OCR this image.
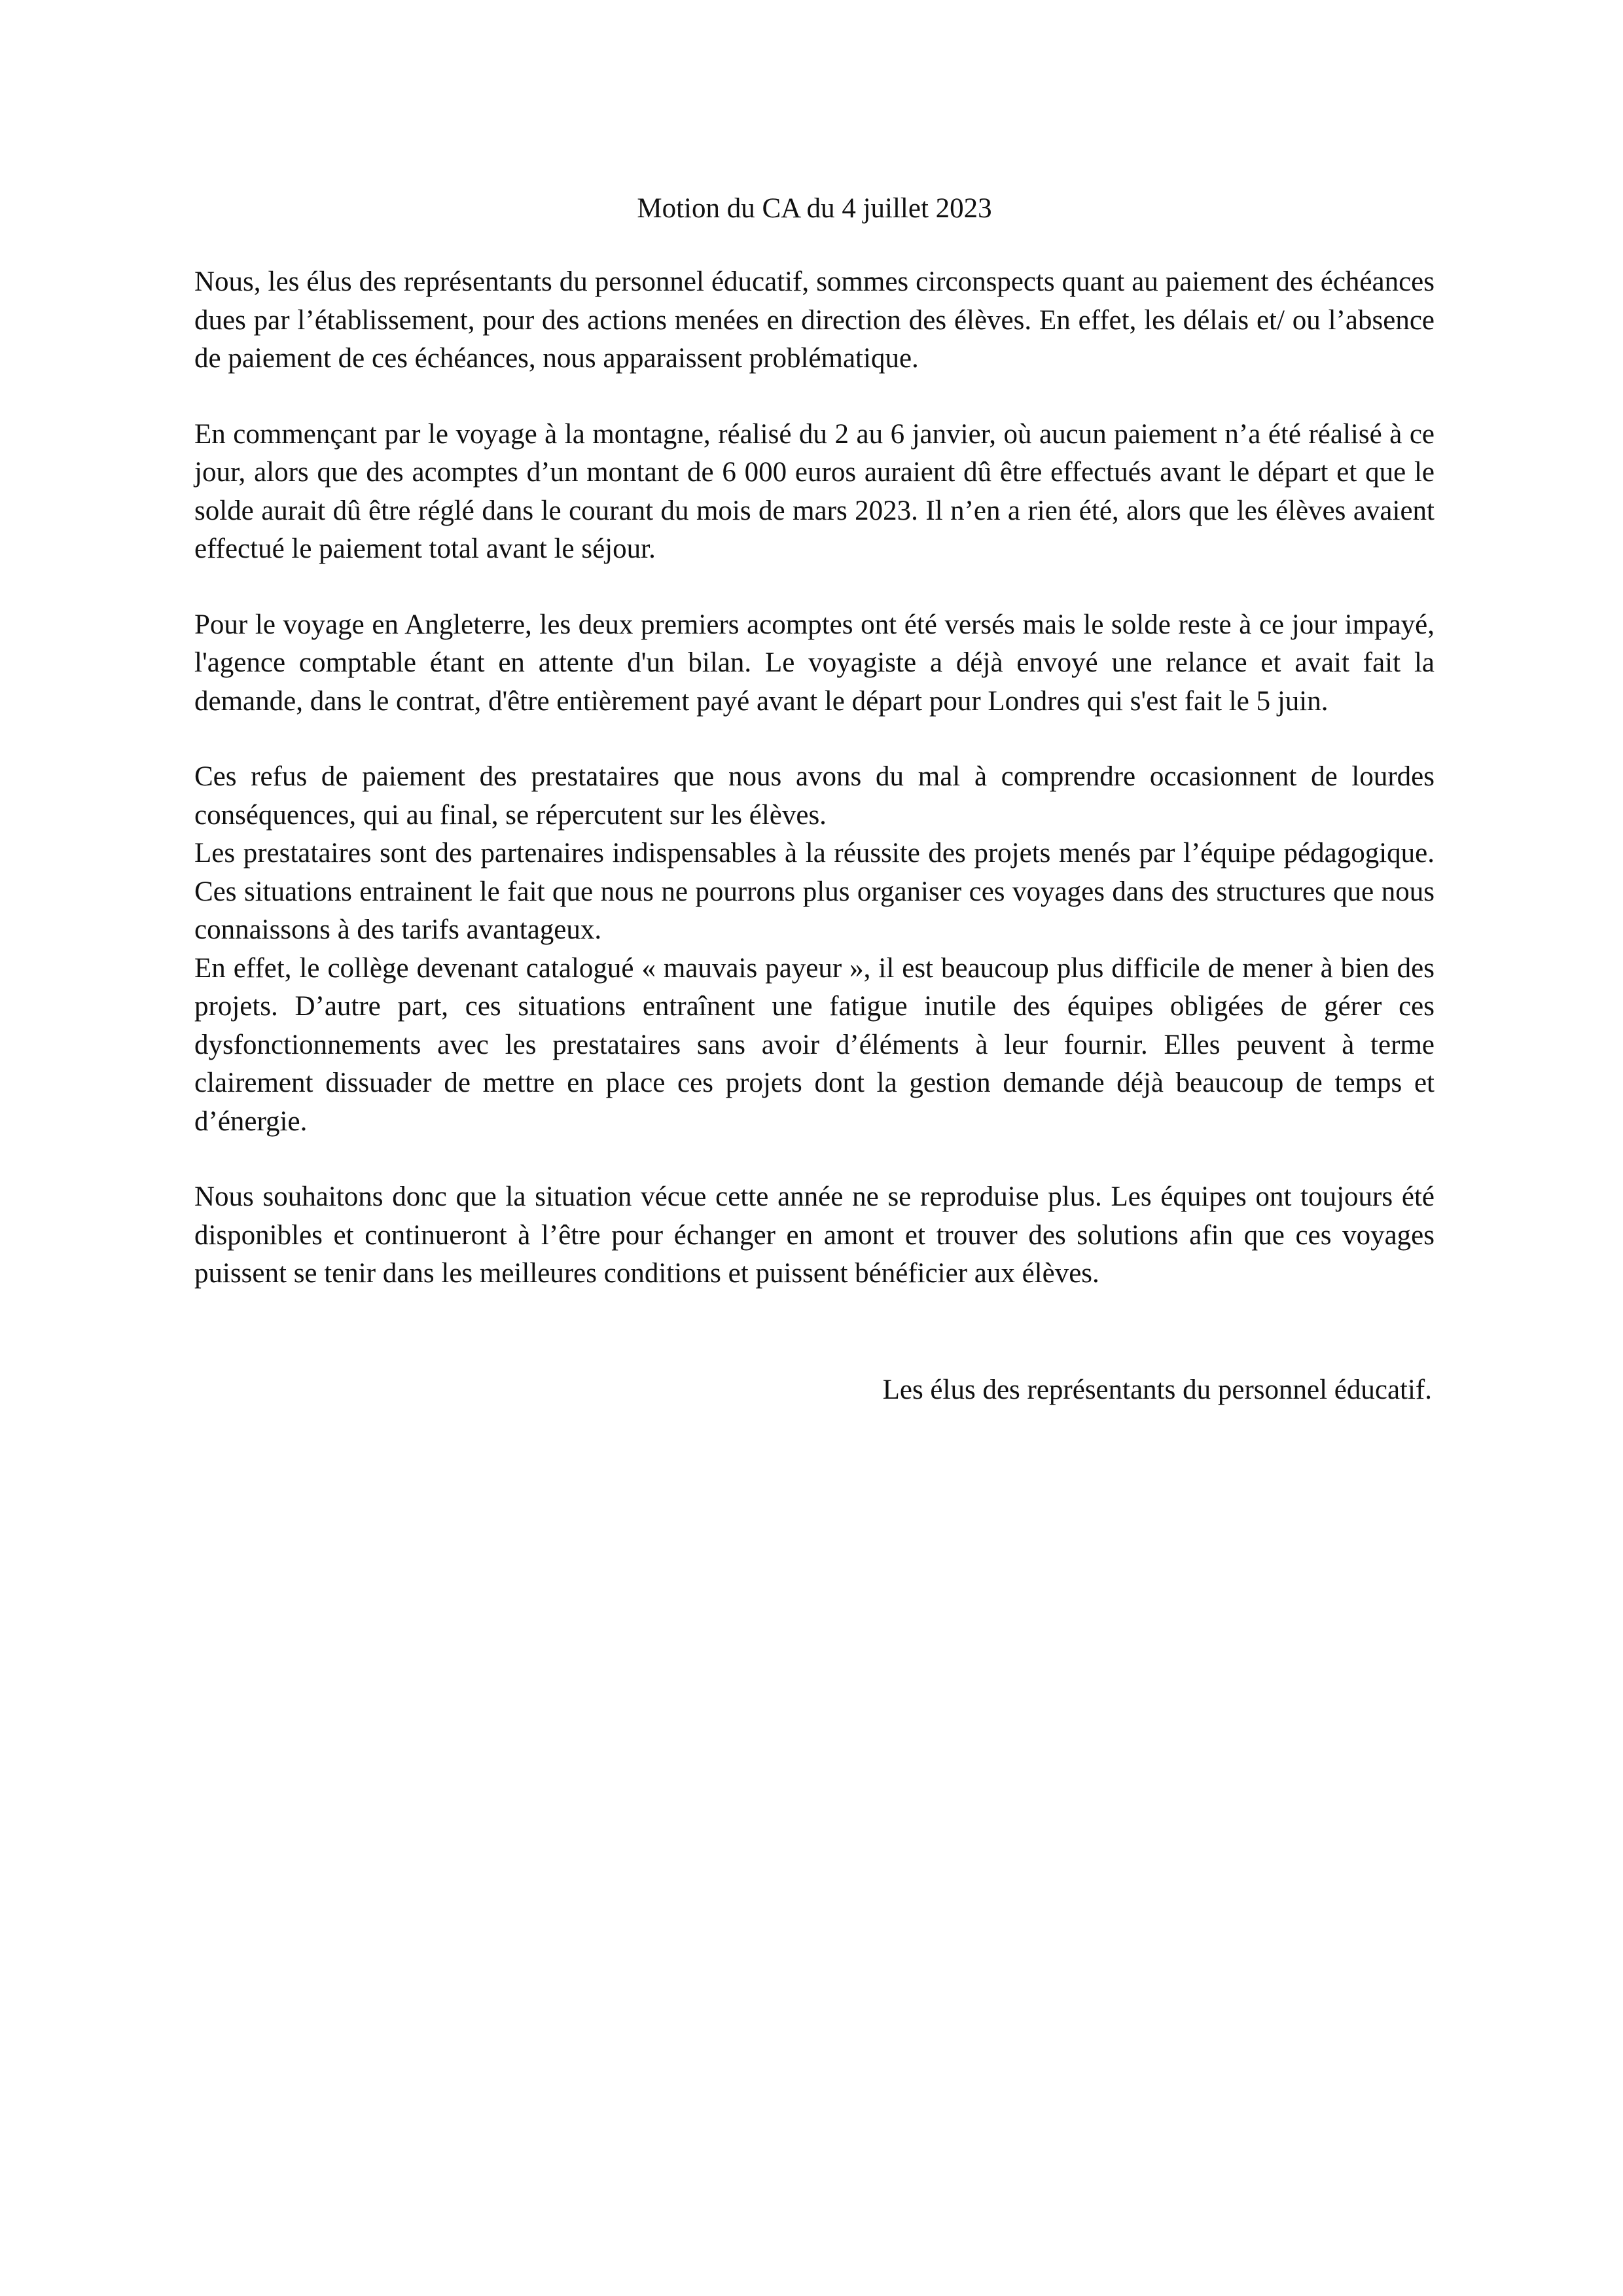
Motion du CA du 4 juillet 2023

Nous, les élus des représentants du personnel éducatif, sommes circonspects quant au paiement des échéances dues par l’établissement, pour des actions menées en direction des élèves. En effet, les délais et/ ou l’absence de paiement de ces échéances, nous apparaissent problématique.

En commençant par le voyage à la montagne, réalisé du 2 au 6 janvier, où aucun paiement n’a été réalisé à ce jour, alors que des acomptes d’un montant de 6 000 euros auraient dû être effectués avant le départ et que le solde aurait dû être réglé dans le courant du mois de mars 2023. Il n’en a rien été, alors que les élèves avaient effectué le paiement total avant le séjour.

Pour le voyage en Angleterre, les deux premiers acomptes ont été versés mais le solde reste à ce jour impayé, l'agence comptable étant en attente d'un bilan. Le voyagiste a déjà envoyé une relance et avait fait la demande, dans le contrat, d'être entièrement payé avant le départ pour Londres qui s'est fait le 5 juin.

Ces refus de paiement des prestataires que nous avons du mal à comprendre occasionnent de lourdes conséquences, qui au final, se répercutent sur les élèves.

Les prestataires sont des partenaires indispensables à la réussite des projets menés par l’équipe pédagogique. Ces situations entrainent le fait que nous ne pourrons plus organiser ces voyages dans des structures que nous connaissons à des tarifs avantageux.

En effet, le collège devenant catalogué « mauvais payeur », il est beaucoup plus difficile de mener à bien des projets. D’autre part, ces situations entraînent une fatigue inutile des équipes obligées de gérer ces dysfonctionnements avec les prestataires sans avoir d’éléments à leur fournir. Elles peuvent à terme clairement dissuader de mettre en place ces projets dont la gestion demande déjà beaucoup de temps et d’énergie.

Nous souhaitons donc que la situation vécue cette année ne se reproduise plus. Les équipes ont toujours été disponibles et continueront à l’être pour échanger en amont et trouver des solutions afin que ces voyages puissent se tenir dans les meilleures conditions et puissent bénéficier aux élèves.

Les élus des représentants du personnel éducatif.
